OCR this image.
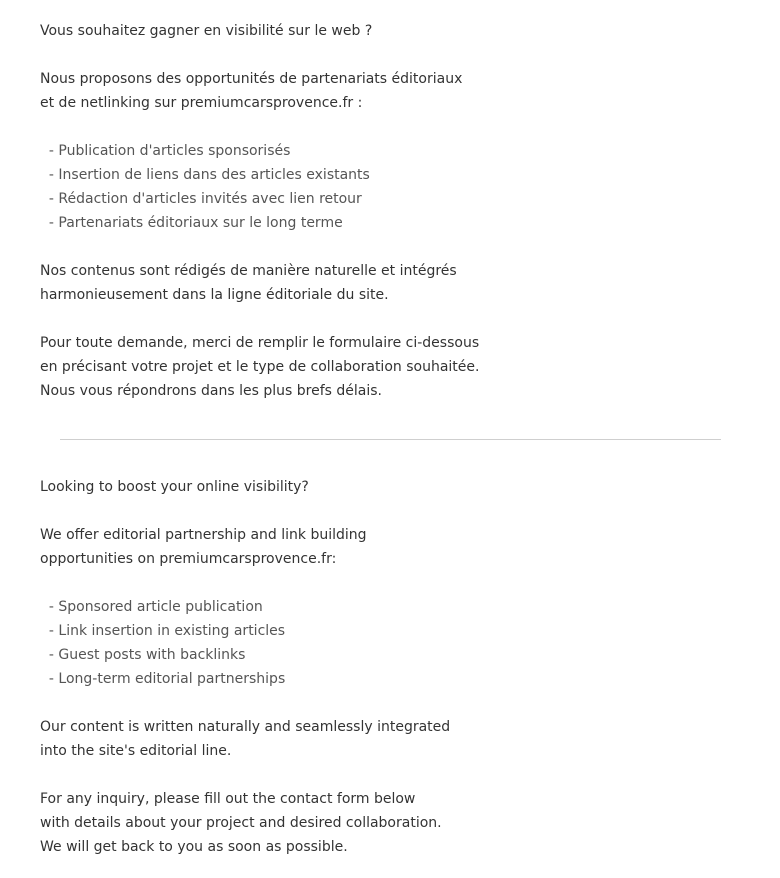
Vous souhaitez gagner en visibilité sur le web ?

Nous proposons des opportunités de partenariats éditoriaux

et de netlinking sur premiumcarsprovence.fr :

- Publication d'articles sponsorisés

- Insertion de liens dans des articles existants

- Rédaction d'articles invités avec lien retour

- Partenariats éditoriaux sur le long terme

Nos contenus sont rédigés de manière naturelle et intégrés

harmonieusement dans la ligne éditoriale du site.

Pour toute demande, merci de remplir le formulaire ci-dessous

en précisant votre projet et le type de collaboration souhaitée.

Nous vous répondrons dans les plus brefs délais.

Looking to boost your online visibility?

We offer editorial partnership and link building

opportunities on premiumcarsprovence.fr:

- Sponsored article publication

- Link insertion in existing articles

- Guest posts with backlinks

- Long-term editorial partnerships

Our content is written naturally and seamlessly integrated

into the site's editorial line.

For any inquiry, please fill out the contact form below

with details about your project and desired collaboration.

We will get back to you as soon as possible.
